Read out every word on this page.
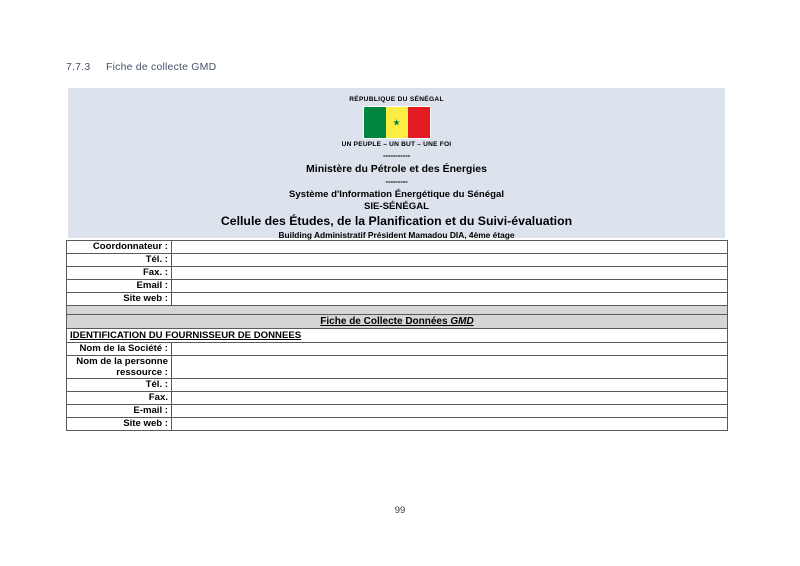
7.7.3 Fiche de collecte GMD
RÉPUBLIQUE DU SÉNÉGAL
★
UN PEUPLE – UN BUT – UNE FOI
-----------
Ministère du Pétrole et des Énergies
---------
Système d'Information Énergétique du Sénégal
SIE-SÉNÉGAL
Cellule des Études, de la Planification et du Suivi-évaluation
Building Administratif Président Mamadou DIA, 4ème étage
Coordonnateur :	
Tél. :	
Fax. :	
Email :	
Site web :	

Fiche de Collecte Données GMD	
IDENTIFICATION DU FOURNISSEUR DE DONNEES	
Nom de la Société :	
Nom de la personne ressource :	
Tél. :	
Fax.	
E-mail :	
Site web :	
99
